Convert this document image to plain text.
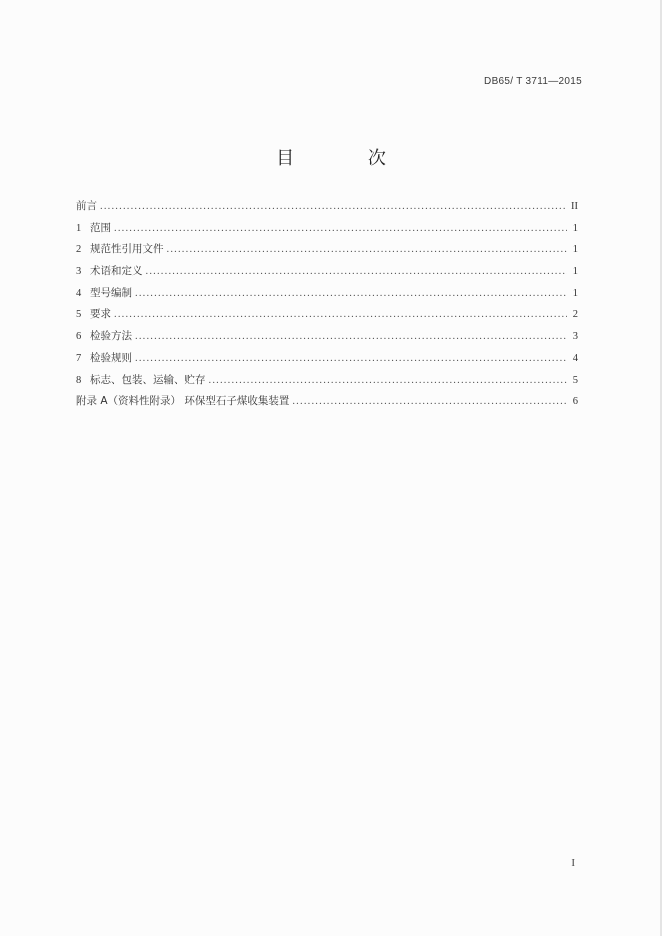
DB65/ T 3711—2015
目 次
前言 .....	II
1 范围 .....	1
2 规范性引用文件 .....	1
3 术语和定义 .....	1
4 型号编制 .....	1
5 要求 .....	2
6 检验方法 .....	3
7 检验规则 .....	4
8 标志、包装、运输、贮存 .....	5
附录 A（资料性附录） 环保型石子煤收集装置 .....	6
I
